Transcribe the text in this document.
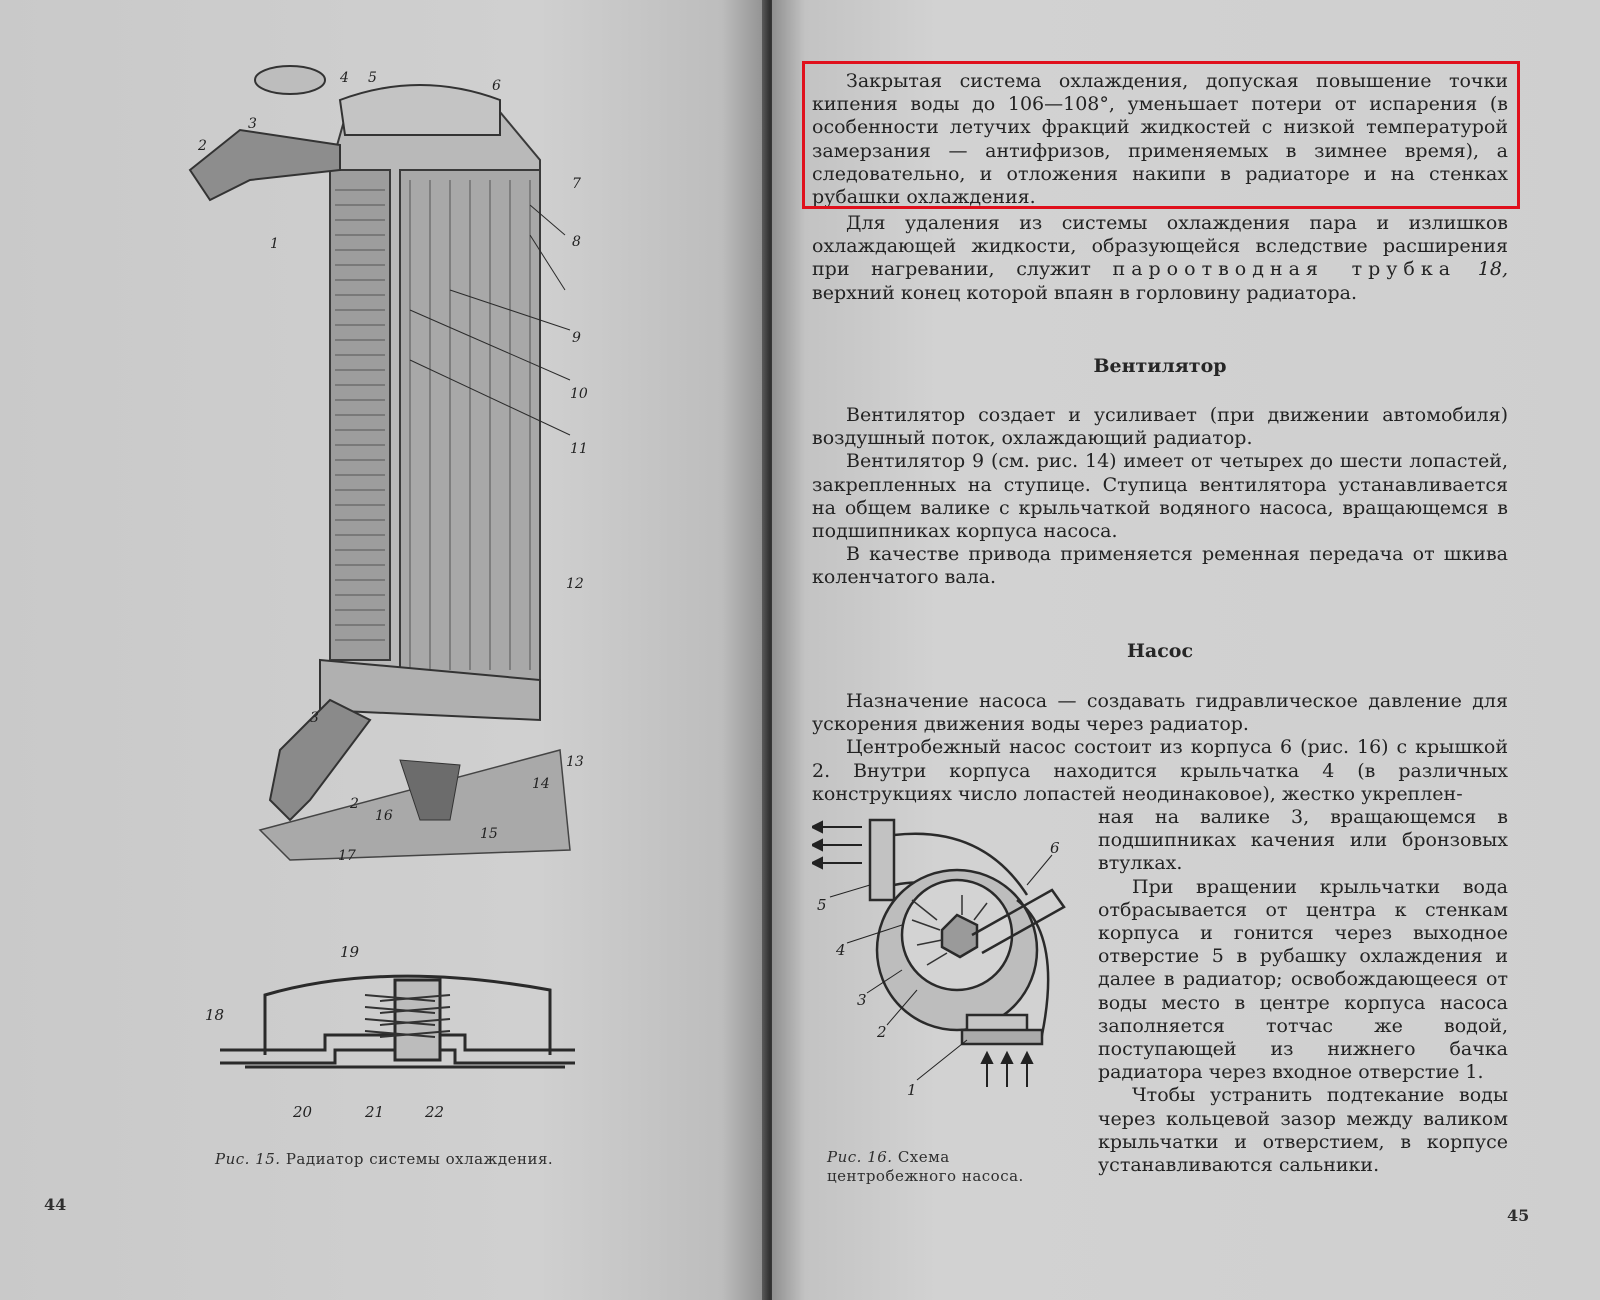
1
2
3
4 5	6
7
8
9
10
11
12
13
14
15
16
17
3
2
18
19
20	21	22
Рис. 15. Радиатор системы охлаждения.
44

Закрытая система охлаждения, допуская повышение точки кипения воды до 106—108°, уменьшает потери от испарения (в особенности летучих фракций жидкостей с низкой температурой замерзания — антифризов, применяемых в зимнее время), а следовательно, и отложения накипи в радиаторе и на стенках рубашки охлаждения.

Для удаления из системы охлаждения пара и излишков охлаждающей жидкости, образующейся вследствие расширения при нагревании, служит пароотводная трубка 18, верхний конец которой впаян в горловину радиатора.

Вентилятор

Вентилятор создает и усиливает (при движении автомобиля) воздушный поток, охлаждающий радиатор.

Вентилятор 9 (см. рис. 14) имеет от четырех до шести лопастей, закрепленных на ступице. Ступица вентилятора устанавливается на общем валике с крыльчаткой водяного насоса, вращающемся в подшипниках корпуса насоса.

В качестве привода применяется ременная передача от шкива коленчатого вала.

Насос

Назначение насоса — создавать гидравлическое давление для ускорения движения воды через радиатор.

Центробежный насос состоит из корпуса 6 (рис. 16) с крышкой 2. Внутри корпуса находится крыльчатка 4 (в различных конструкциях число лопастей неодинаковое), жестко укреплен-

ная на валике 3, вращающемся в подшипниках качения или бронзовых втулках.

При вращении крыльчатки вода отбрасывается от центра к стенкам корпуса и гонится через выходное отверстие 5 в рубашку охлаждения и далее в радиатор; освобождающееся от воды место в центре корпуса насоса заполняется тотчас же водой, поступающей из нижнего бачка радиатора через входное отверстие 1.

Чтобы устранить подтекание воды через кольцевой зазор между валиком крыльчатки и отверстием, в корпусе устанавливаются сальники.

1
2
3
4
5
6
Рис. 16. Схема центробежного насоса.
45
